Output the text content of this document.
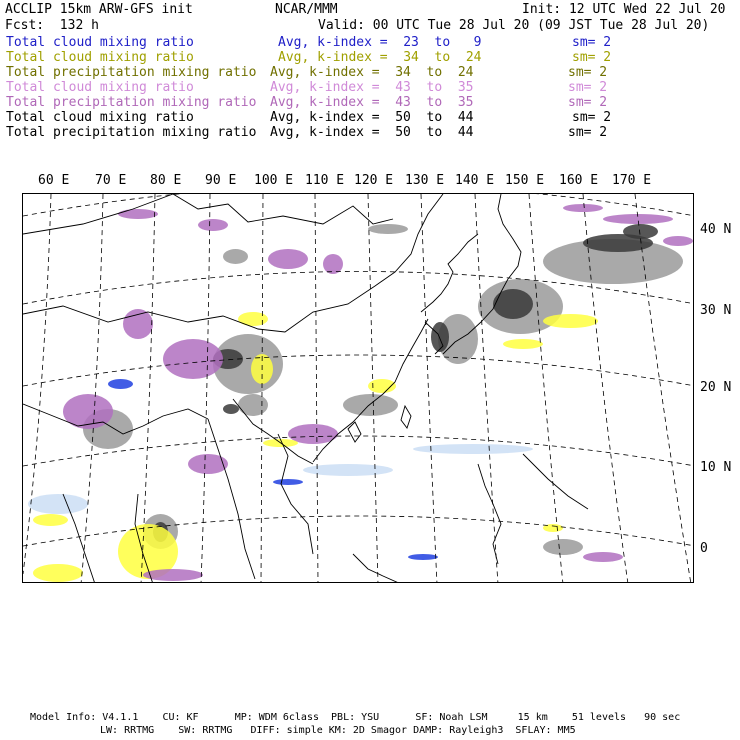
ACCLIP 15km ARW-GFS init	NCAR/MMM	Init: 12 UTC Wed 22 Jul 20
Fcst:  132 h	Valid: 00 UTC Tue 28 Jul 20 (09 JST Tue 28 Jul 20)
Total cloud mixing ratio	Avg, k-index =  23  to   9	sm= 2
Total cloud mixing ratio	Avg, k-index =  34  to  24	sm= 2
Total precipitation mixing ratio Avg, k-index =  34  to  24	sm= 2
Total cloud mixing ratio	Avg, k-index =  43  to  35	sm= 2
Total precipitation mixing ratio Avg, k-index =  43  to  35	sm= 2
Total cloud mixing ratio	Avg, k-index =  50  to  44	sm= 2
Total precipitation mixing ratio Avg, k-index =  50  to  44	sm= 2
60 E 70 E 80 E 90 E 100 E 110 E 120 E 130 E 140 E 150 E 160 E 170 E
40 N
30 N
20 N
10 N
0
Model Info: V4.1.1    CU: KF      MP: WDM 6class  PBL: YSU      SF: Noah LSM     15 km    51 levels   90 sec
LW: RRTMG    SW: RRTMG   DIFF: simple KM: 2D Smagor DAMP: Rayleigh3  SFLAY: MM5
